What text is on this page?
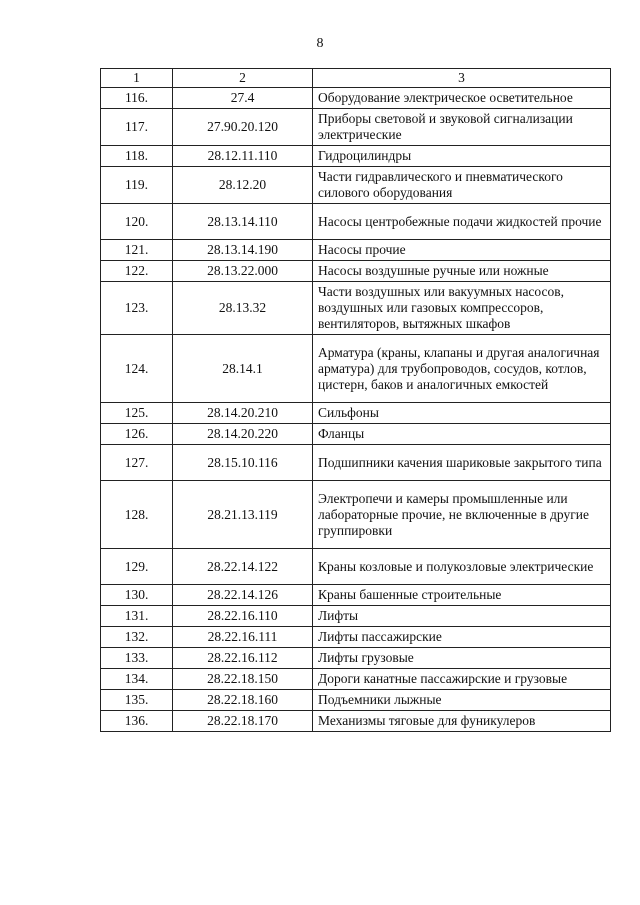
8
1	2	3
116.	27.4	Оборудование электрическое осветительное
117.	27.90.20.120	Приборы световой и звуковой сигнализации электрические
118.	28.12.11.110	Гидроцилиндры
119.	28.12.20	Части гидравлического и пневматического силового оборудования
120.	28.13.14.110	Насосы центробежные подачи жидкостей прочие
121.	28.13.14.190	Насосы прочие
122.	28.13.22.000	Насосы воздушные ручные или ножные
123.	28.13.32	Части воздушных или вакуумных насосов, воздушных или газовых компрессоров, вентиляторов, вытяжных шкафов
124.	28.14.1	Арматура (краны, клапаны и другая аналогичная арматура) для трубопроводов, сосудов, котлов, цистерн, баков и аналогичных емкостей
125.	28.14.20.210	Сильфоны
126.	28.14.20.220	Фланцы
127.	28.15.10.116	Подшипники качения шариковые закрытого типа
128.	28.21.13.119	Электропечи и камеры промышленные или лабораторные прочие, не включенные в другие группировки
129.	28.22.14.122	Краны козловые и полукозловые электрические
130.	28.22.14.126	Краны башенные строительные
131.	28.22.16.110	Лифты
132.	28.22.16.111	Лифты пассажирские
133.	28.22.16.112	Лифты грузовые
134.	28.22.18.150	Дороги канатные пассажирские и грузовые
135.	28.22.18.160	Подъемники лыжные
136.	28.22.18.170	Механизмы тяговые для фуникулеров
